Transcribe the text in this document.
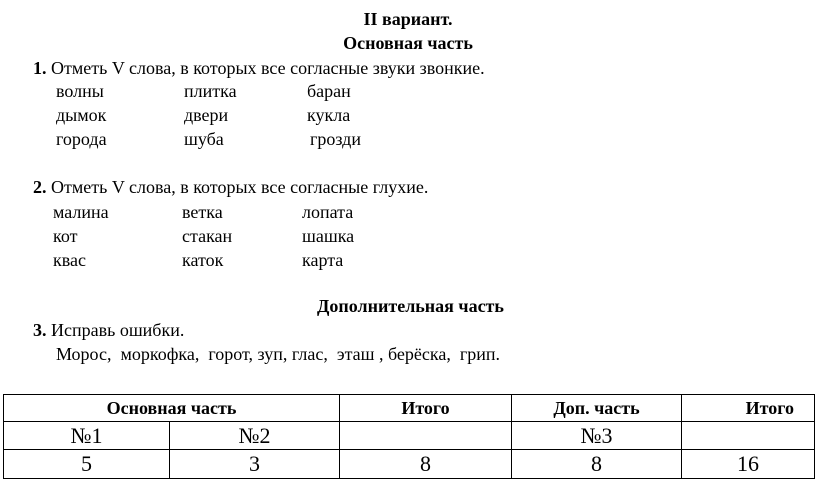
II вариант.
Основная часть
1. Отметь V слова, в которых все согласные звуки звонкие.
волны	плитка	баран
дымок	двери	кукла
города	шуба	грозди
2. Отметь V слова, в которых все согласные глухие.
малина	ветка	лопата
кот	стакан	шашка
квас	каток	карта
Дополнительная часть
3. Исправь ошибки.
Морос,  моркофка,  горот, зуп, глас,  эташ , берёска,  грип.
Основная часть		Итого	Доп. часть	Итого
№1	№2		№3	
5	3	8	8	16
